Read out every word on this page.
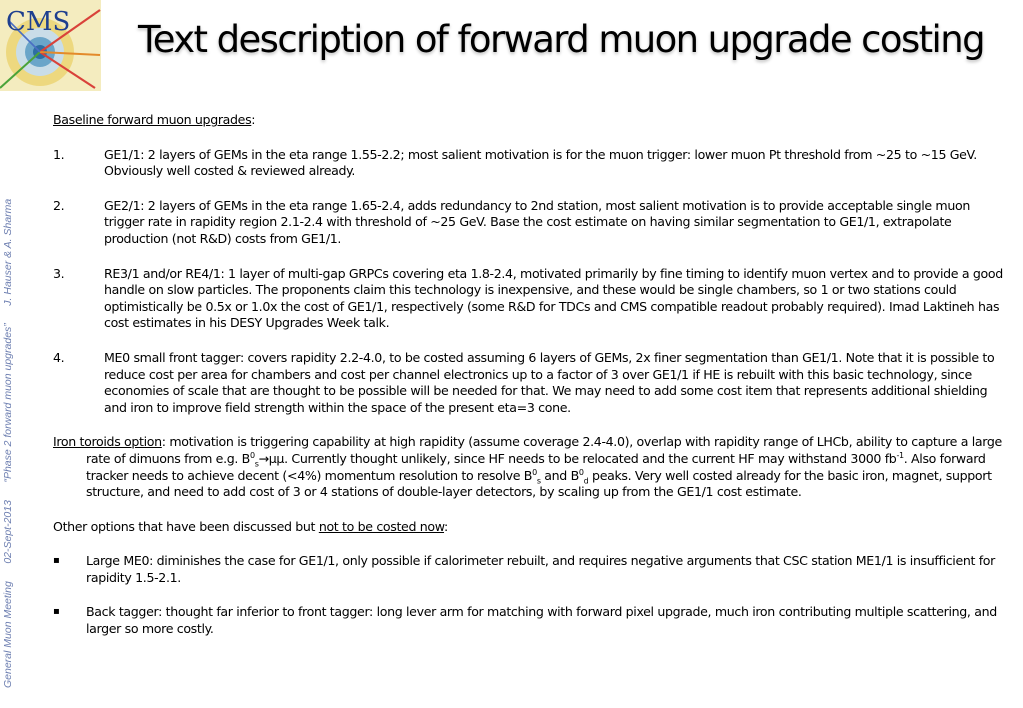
CMS Text description of forward muon upgrade costing
General Muon Meeting      02-Sept-2013      “Phase 2 forward muon upgrades”      J. Hauser & A. Sharma

Baseline forward muon upgrades:

1.	GE1/1: 2 layers of GEMs in the eta range 1.55-2.2; most salient motivation is for the muon trigger: lower muon Pt threshold from ~25 to ~15 GeV. Obviously well costed & reviewed already.
2.	GE2/1: 2 layers of GEMs in the eta range 1.65-2.4, adds redundancy to 2nd station, most salient motivation is to provide acceptable single muon trigger rate in rapidity region 2.1-2.4 with threshold of ~25 GeV. Base the cost estimate on having similar segmentation to GE1/1, extrapolate production (not R&D) costs from GE1/1.
3.	RE3/1 and/or RE4/1: 1 layer of multi-gap GRPCs covering eta 1.8-2.4, motivated primarily by fine timing to identify muon vertex and to provide a good handle on slow particles. The proponents claim this technology is inexpensive, and these would be single chambers, so 1 or two stations could optimistically be 0.5x or 1.0x the cost of GE1/1, respectively (some R&D for TDCs and CMS compatible readout probably required). Imad Laktineh has cost estimates in his DESY Upgrades Week talk.
4.	ME0 small front tagger: covers rapidity 2.2-4.0, to be costed assuming 6 layers of GEMs, 2x finer segmentation than GE1/1. Note that it is possible to reduce cost per area for chambers and cost per channel electronics up to a factor of 3 over GE1/1 if HE is rebuilt with this basic technology, since economies of scale that are thought to be possible will be needed for that. We may need to add some cost item that represents additional shielding and iron to improve field strength within the space of the present eta=3 cone.

Iron toroids option: motivation is triggering capability at high rapidity (assume coverage 2.4-4.0), overlap with rapidity range of LHCb, ability to capture a large rate of dimuons from e.g. $B^0_s\to\mu\mu$. Currently thought unlikely, since HF needs to be relocated and the current HF may withstand 3000 $fb^{-1}$. Also forward tracker needs to achieve decent (<4%) momentum resolution to resolve $B^0_s$ and $B^0_d$ peaks. Very well costed already for the basic iron, magnet, support structure, and need to add cost of 3 or 4 stations of double-layer detectors, by scaling up from the GE1/1 cost estimate.

Other options that have been discussed but not to be costed now:

▪ Large ME0: diminishes the case for GE1/1, only possible if calorimeter rebuilt, and requires negative arguments that CSC station ME1/1 is insufficient for rapidity 1.5-2.1.
▪ Back tagger: thought far inferior to front tagger: long lever arm for matching with forward pixel upgrade, much iron contributing multiple scattering, and larger so more costly.
